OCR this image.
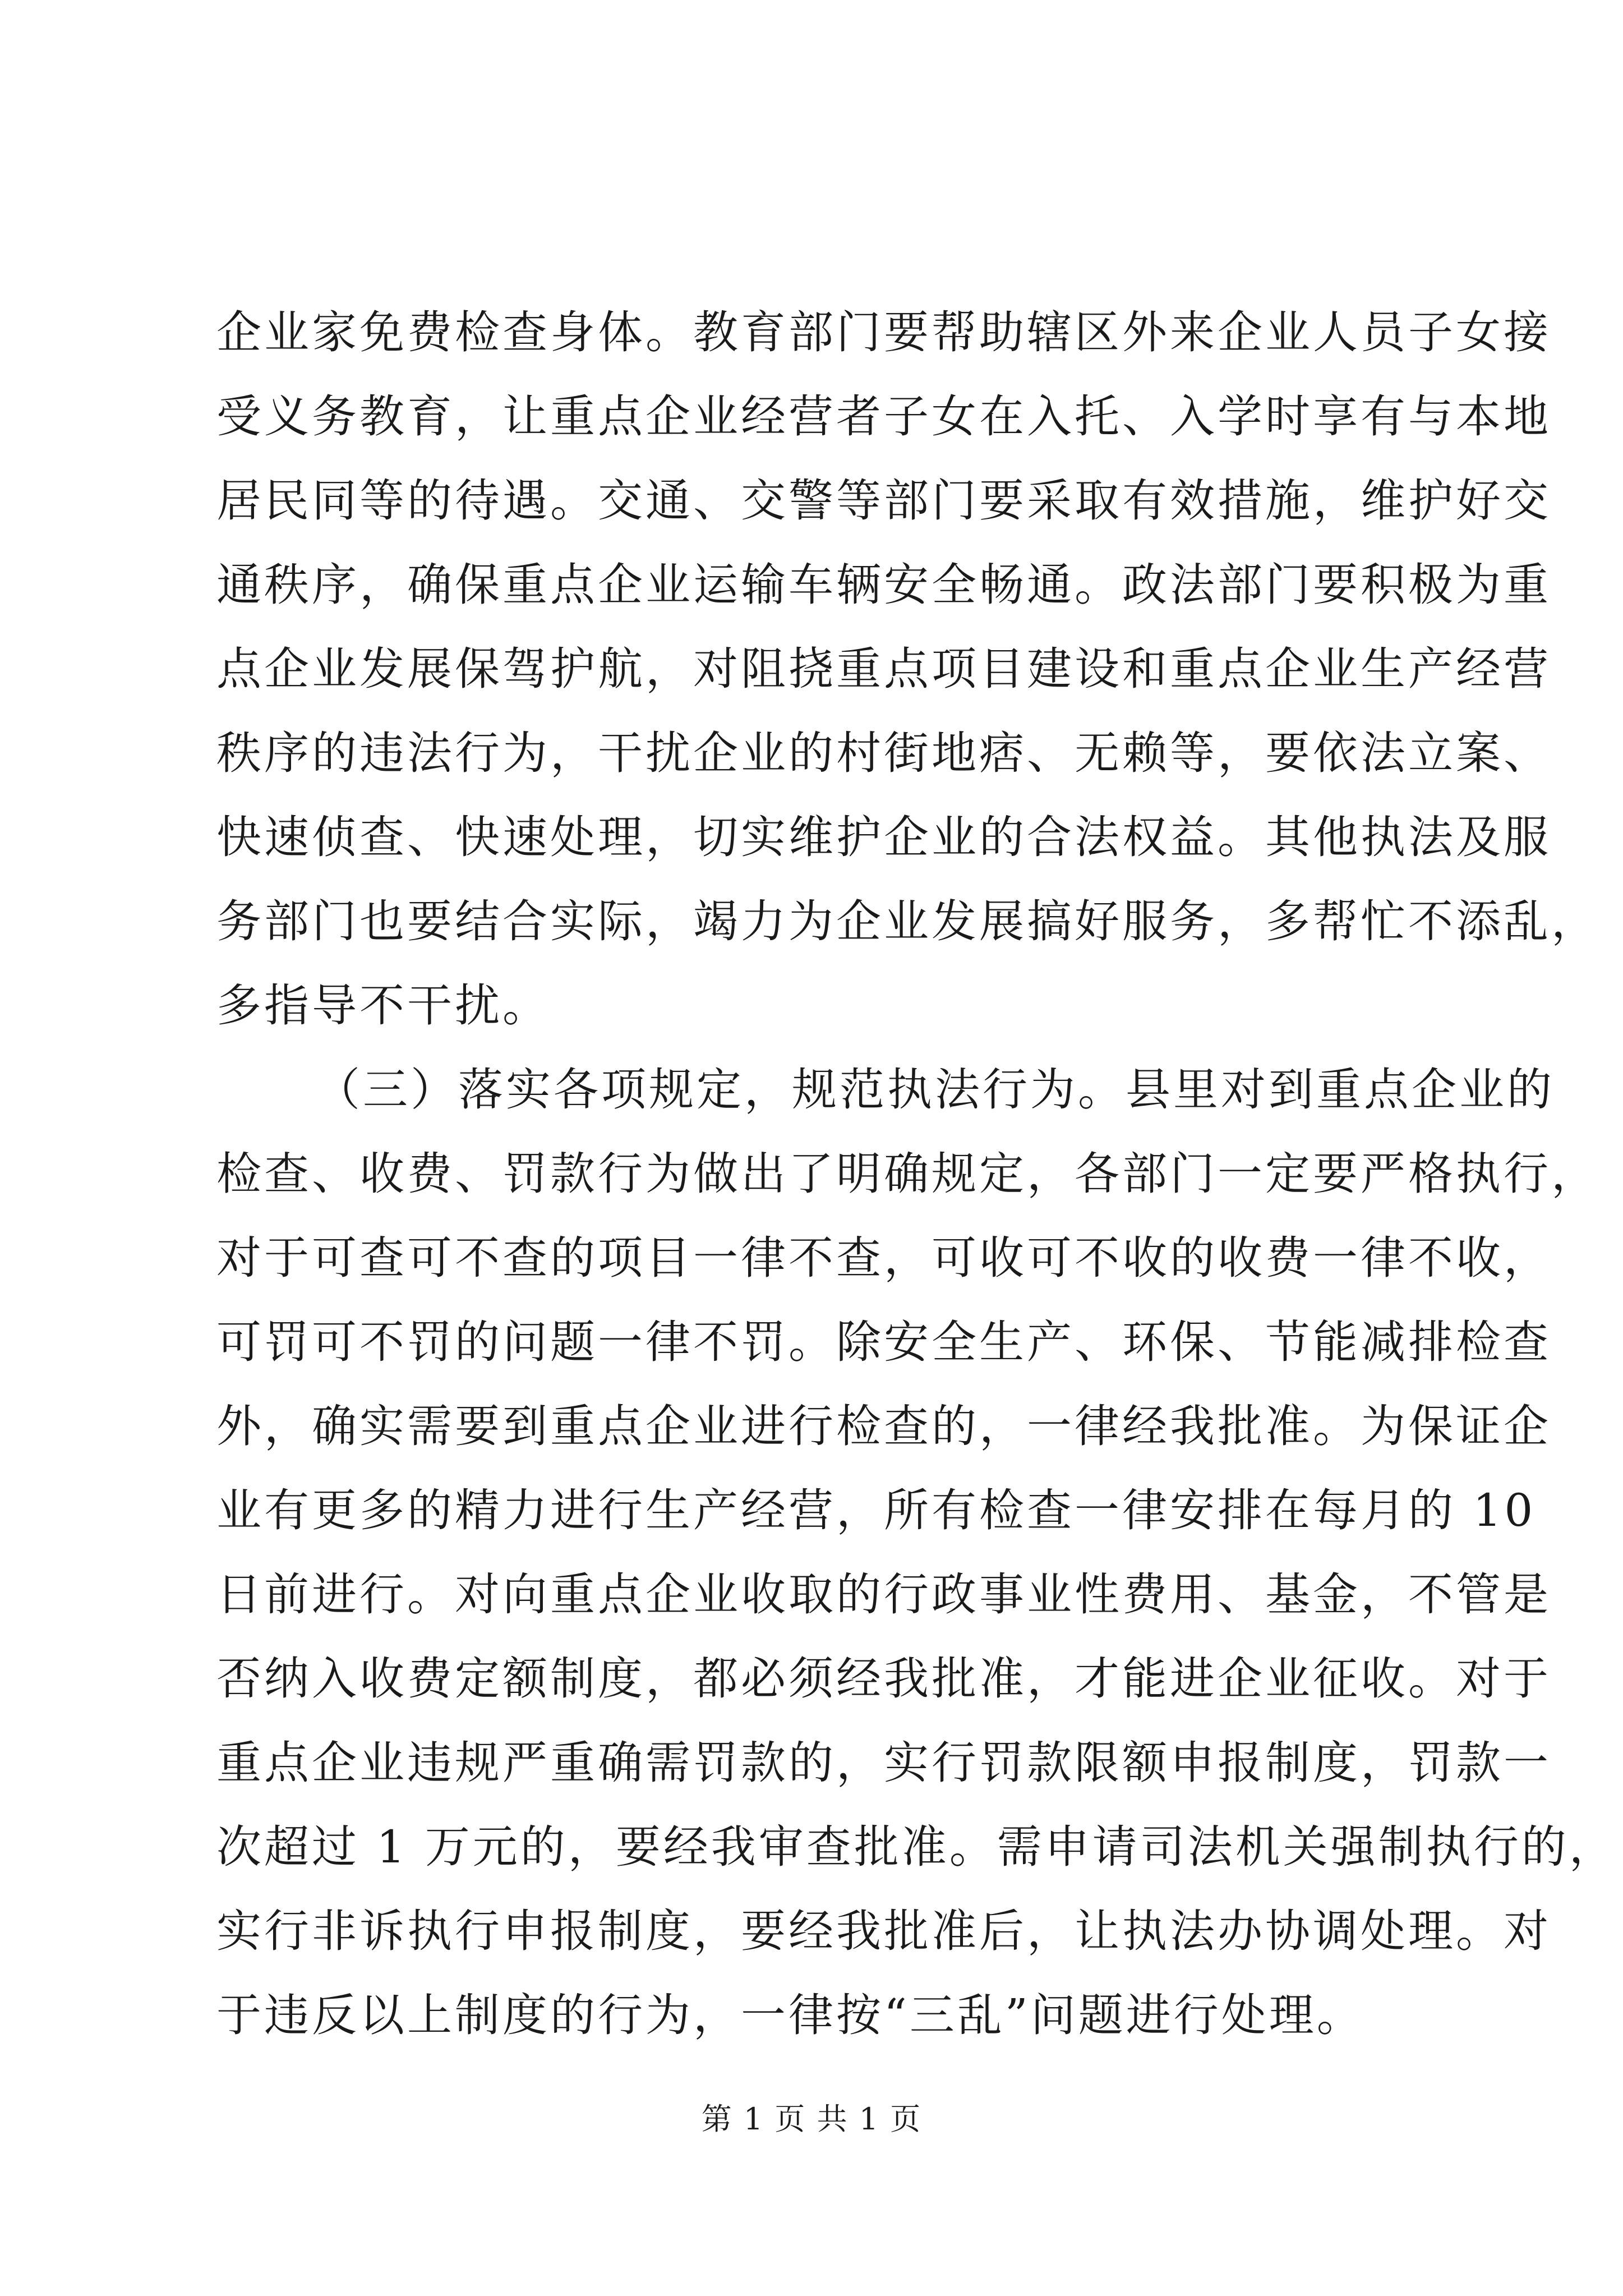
企业家免费检查身体。教育部门要帮助辖区外来企业人员子女接
受义务教育，让重点企业经营者子女在入托、入学时享有与本地
居民同等的待遇。交通、交警等部门要采取有效措施，维护好交
通秩序，确保重点企业运输车辆安全畅通。政法部门要积极为重
点企业发展保驾护航，对阻挠重点项目建设和重点企业生产经营
秩序的违法行为，干扰企业的村街地痞、无赖等，要依法立案、
快速侦查、快速处理，切实维护企业的合法权益。其他执法及服
务部门也要结合实际，竭力为企业发展搞好服务，多帮忙不添乱，
多指导不干扰。
（三）落实各项规定，规范执法行为。县里对到重点企业的
检查、收费、罚款行为做出了明确规定，各部门一定要严格执行，
对于可查可不查的项目一律不查，可收可不收的收费一律不收，
可罚可不罚的问题一律不罚。除安全生产、环保、节能减排检查
外，确实需要到重点企业进行检查的，一律经我批准。为保证企
业有更多的精力进行生产经营，所有检查一律安排在每月的 10
日前进行。对向重点企业收取的行政事业性费用、基金，不管是
否纳入收费定额制度，都必须经我批准，才能进企业征收。对于
重点企业违规严重确需罚款的，实行罚款限额申报制度，罚款一
次超过 1 万元的，要经我审查批准。需申请司法机关强制执行的，
实行非诉执行申报制度，要经我批准后，让执法办协调处理。对
于违反以上制度的行为，一律按“三乱”问题进行处理。
第 1 页 共 1 页
